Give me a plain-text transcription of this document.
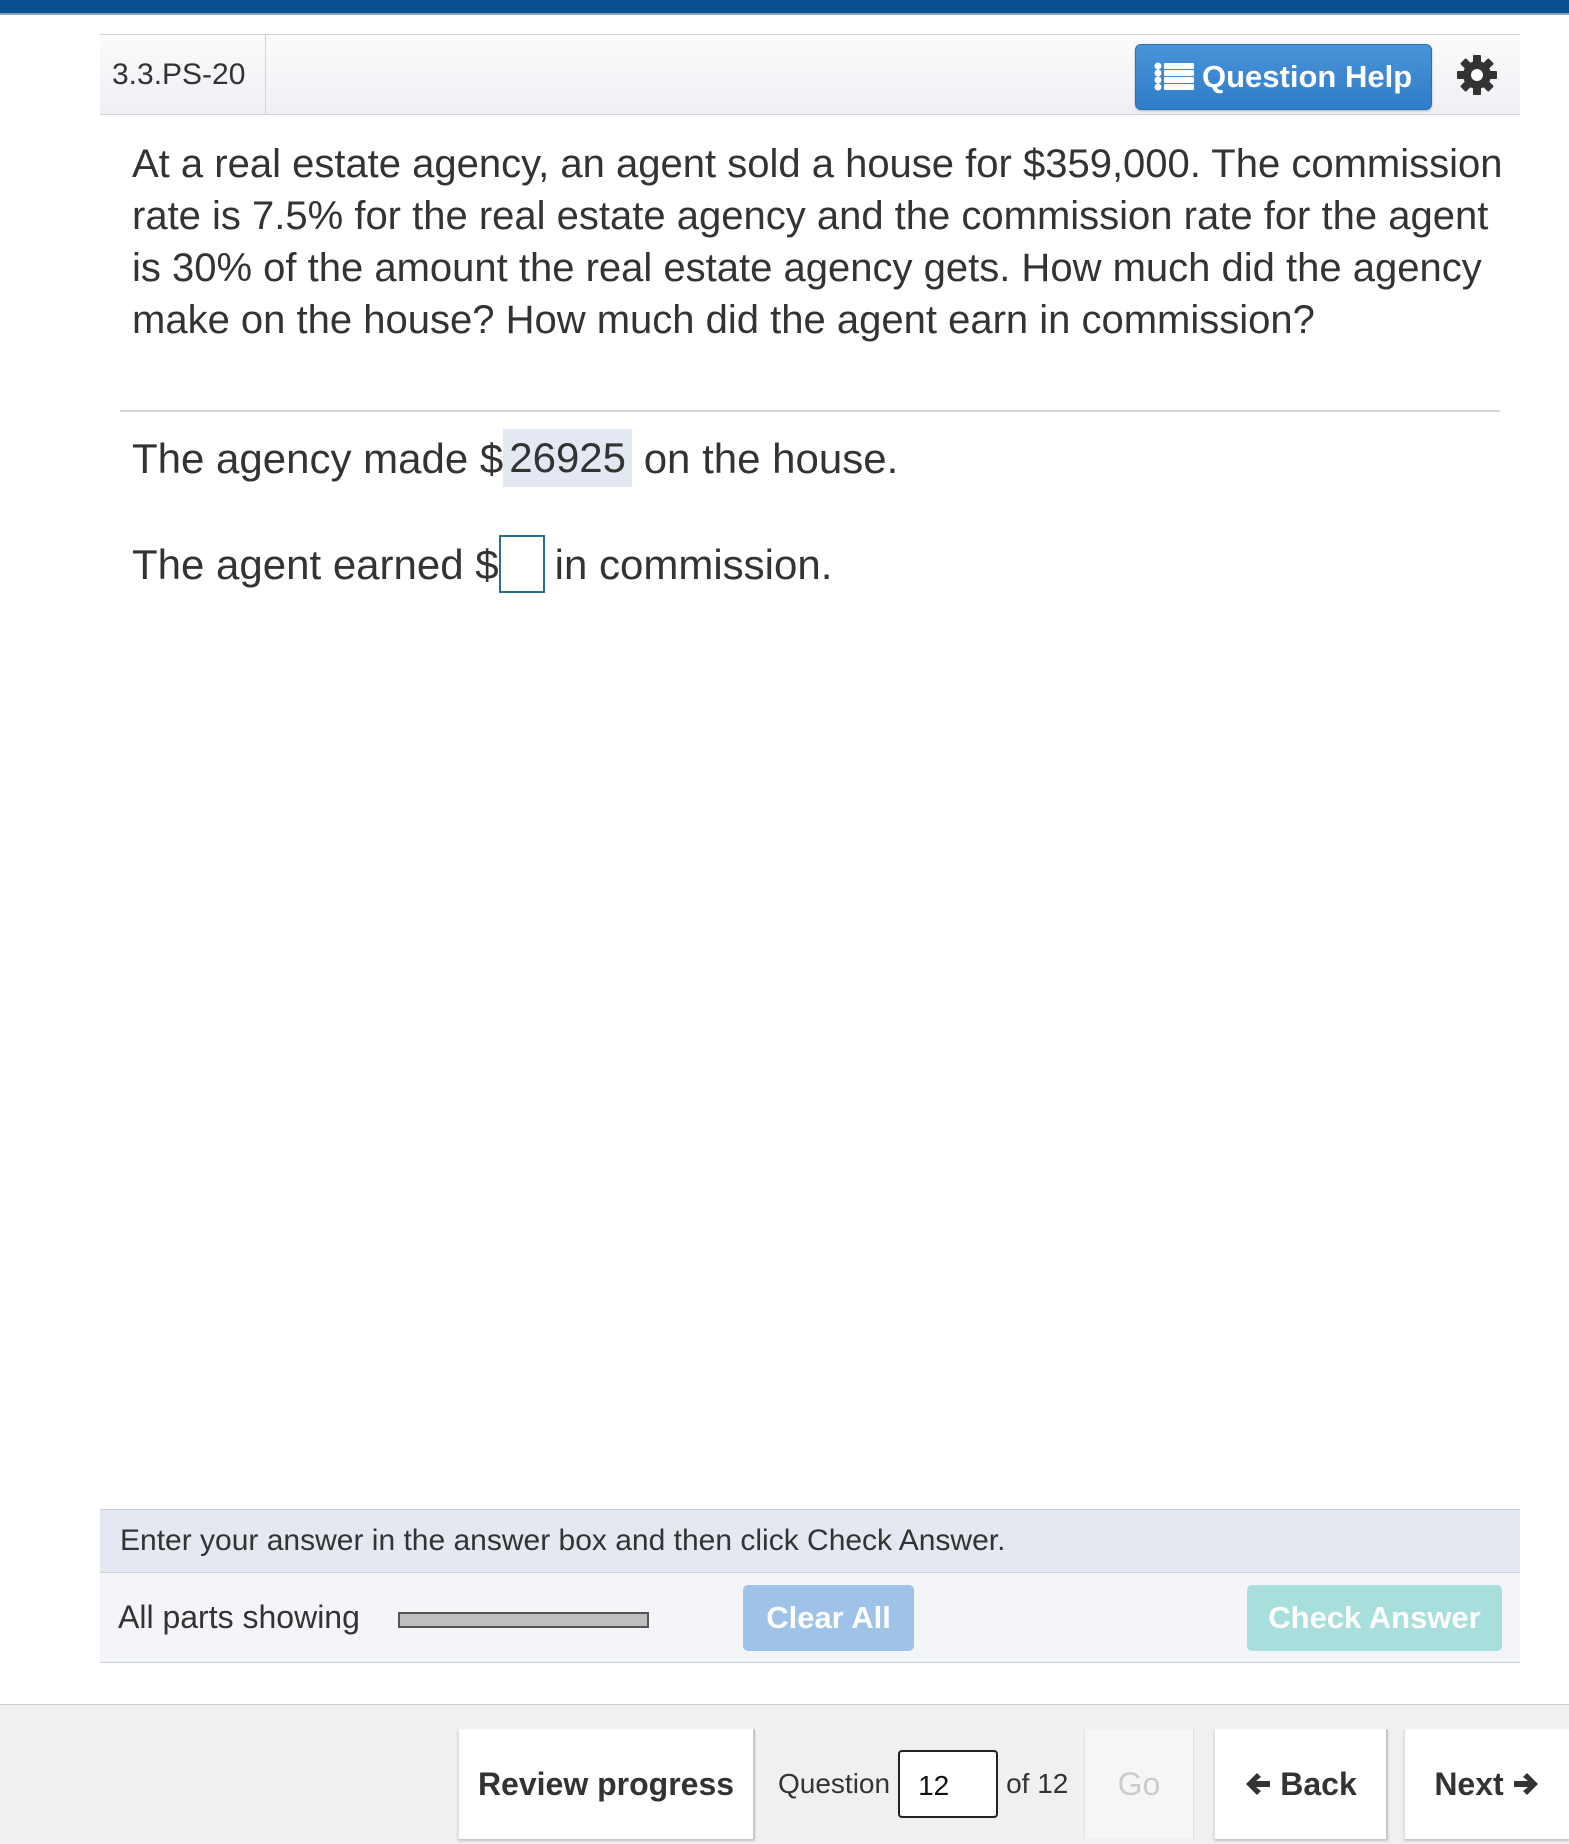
3.3.PS-20	Question Help
At a real estate agency, an agent sold a house for $359,000. The commission rate is 7.5% for the real estate agency and the commission rate for the agent is 30% of the amount the real estate agency gets. How much did the agency make on the house? How much did the agent earn in commission?
The agency made $ 26925 on the house.
The agent earned $ in commission.
Enter your answer in the answer box and then click Check Answer.
All parts showing	Clear All	Check Answer
Review progress Question
12	of 12 Go	Back Next
